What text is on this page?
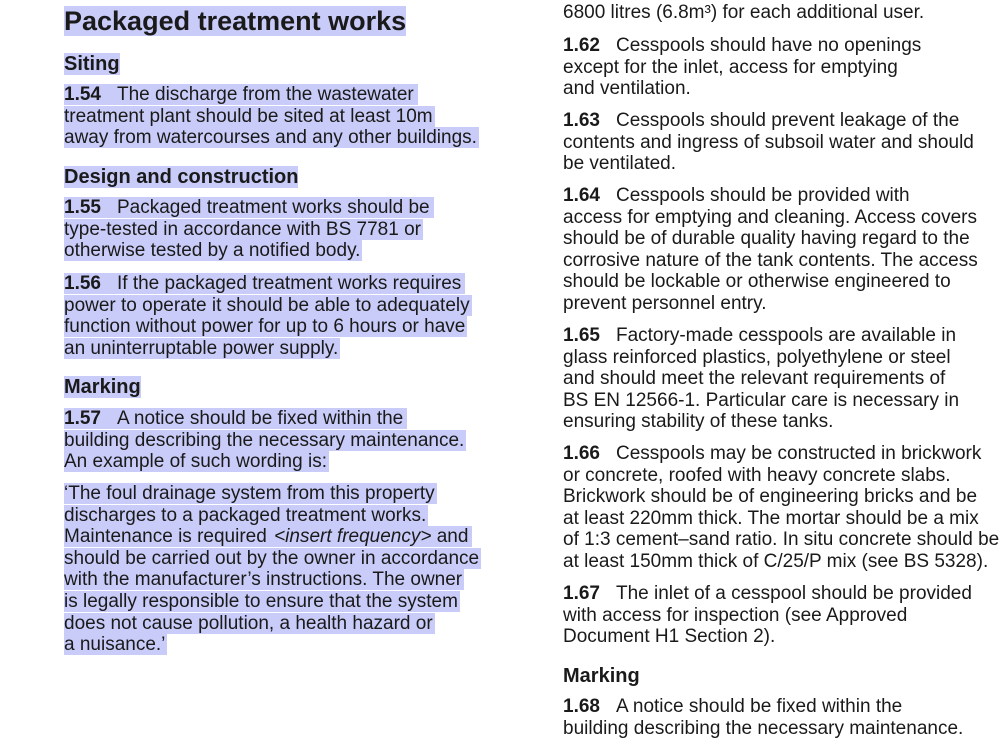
Packaged treatment works
Siting
1.54 The discharge from the wastewater
treatment plant should be sited at least 10m
away from watercourses and any other buildings.
Design and construction
1.55 Packaged treatment works should be
type-tested in accordance with BS 7781 or
otherwise tested by a notified body.
1.56 If the packaged treatment works requires
power to operate it should be able to adequately
function without power for up to 6 hours or have
an uninterruptable power supply.
Marking
1.57 A notice should be fixed within the
building describing the necessary maintenance.
An example of such wording is:
‘The foul drainage system from this property
discharges to a packaged treatment works.
Maintenance is required <insert frequency> and
should be carried out by the owner in accordance
with the manufacturer’s instructions. The owner
is legally responsible to ensure that the system
does not cause pollution, a health hazard or
a nuisance.’
6800 litres (6.8m³) for each additional user.
1.62 Cesspools should have no openings
except for the inlet, access for emptying
and ventilation.
1.63 Cesspools should prevent leakage of the
contents and ingress of subsoil water and should
be ventilated.
1.64 Cesspools should be provided with
access for emptying and cleaning. Access covers
should be of durable quality having regard to the
corrosive nature of the tank contents. The access
should be lockable or otherwise engineered to
prevent personnel entry.
1.65 Factory-made cesspools are available in
glass reinforced plastics, polyethylene or steel
and should meet the relevant requirements of
BS EN 12566-1. Particular care is necessary in
ensuring stability of these tanks.
1.66 Cesspools may be constructed in brickwork
or concrete, roofed with heavy concrete slabs.
Brickwork should be of engineering bricks and be
at least 220mm thick. The mortar should be a mix
of 1:3 cement–sand ratio. In situ concrete should be
at least 150mm thick of C/25/P mix (see BS 5328).
1.67 The inlet of a cesspool should be provided
with access for inspection (see Approved
Document H1 Section 2).
Marking
1.68 A notice should be fixed within the
building describing the necessary maintenance.
